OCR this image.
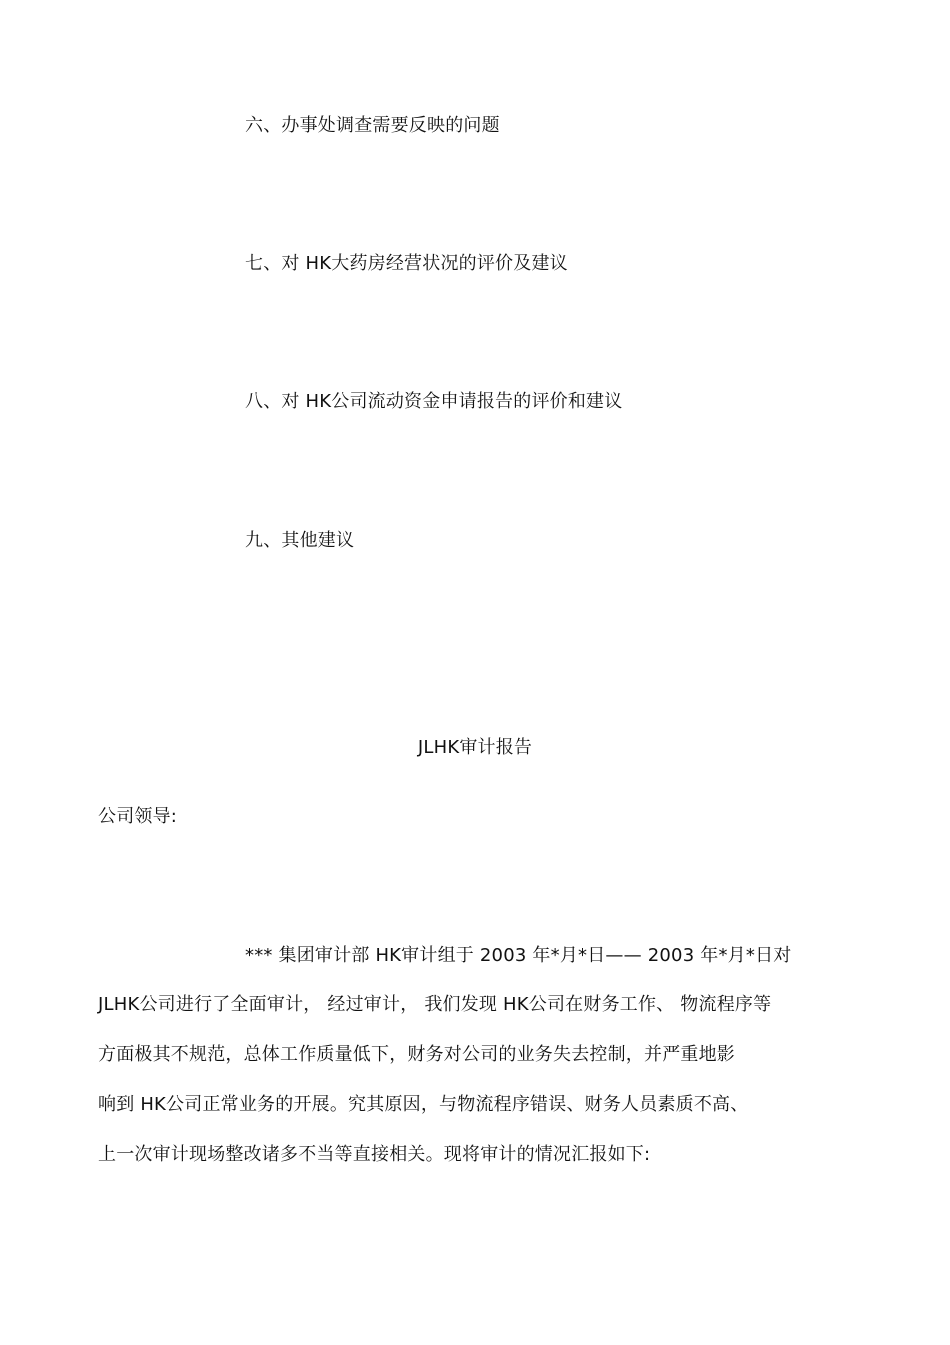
六、办事处调查需要反映的问题
七、对 HK大药房经营状况的评价及建议
八、对 HK公司流动资金申请报告的评价和建议
九、其他建议
JLHK审计报告
公司领导:
*** 集团审计部 HK审计组于 2003 年*月*日—— 2003 年*月*日对
JLHK公司进行了全面审计， 经过审计， 我们发现 HK公司在财务工作、 物流程序等
方面极其不规范，总体工作质量低下，财务对公司的业务失去控制，并严重地影
响到 HK公司正常业务的开展。究其原因，与物流程序错误、财务人员素质不高、
上一次审计现场整改诸多不当等直接相关。现将审计的情况汇报如下:
